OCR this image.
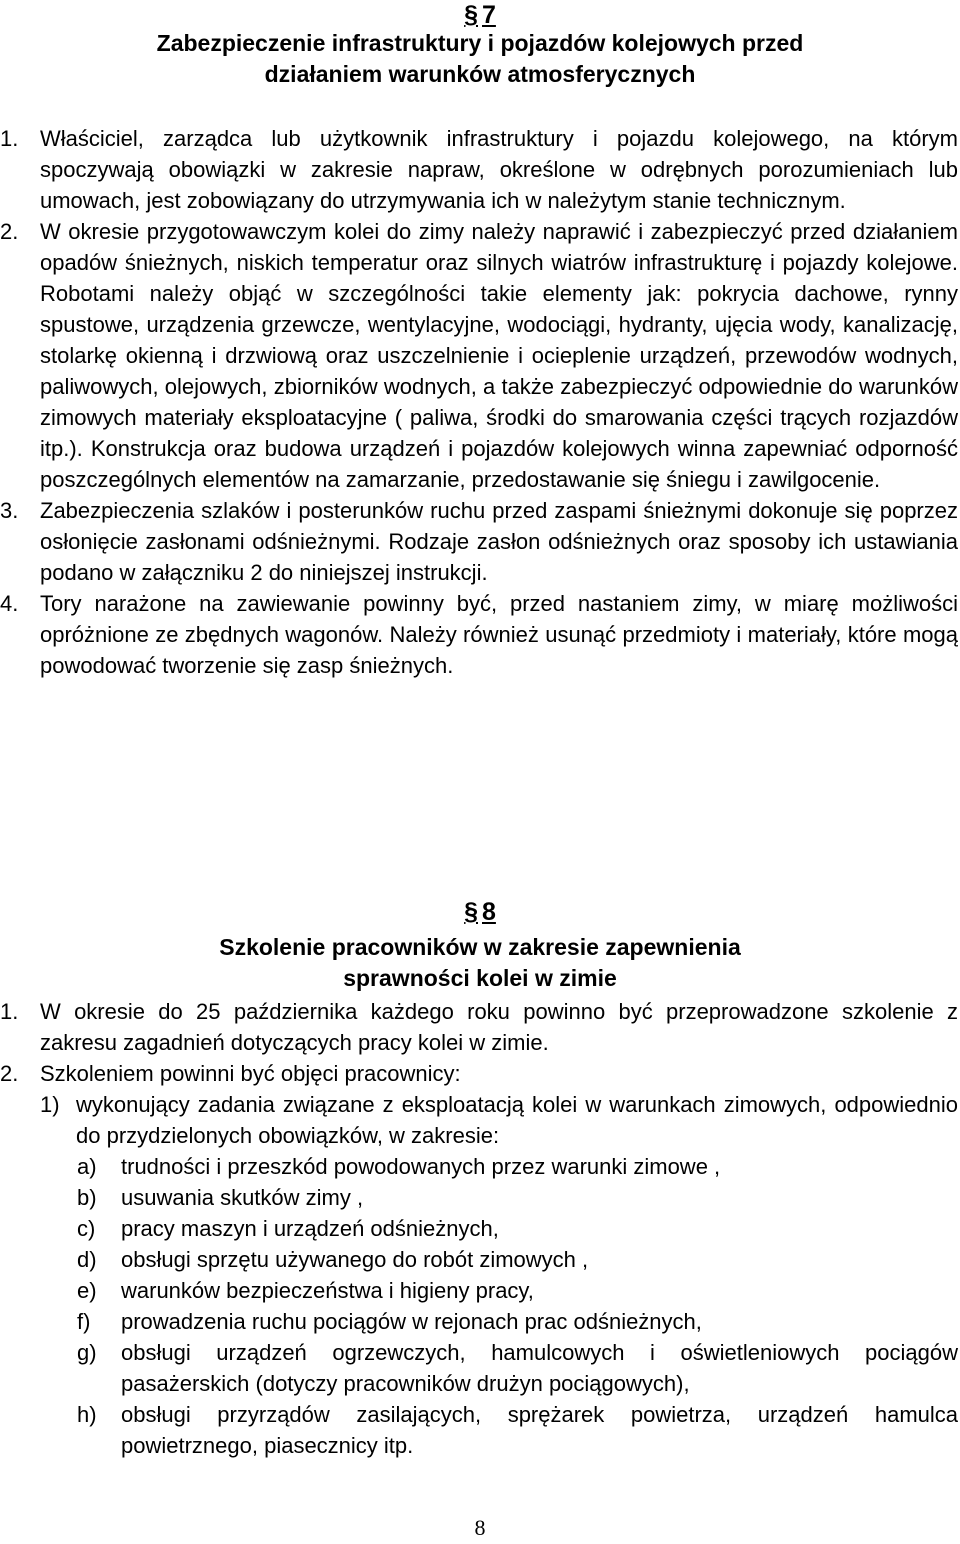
§ 7
Zabezpieczenie infrastruktury i pojazdów kolejowych przed
działaniem warunków atmosferycznych
1. Właściciel, zarządca lub użytkownik infrastruktury i pojazdu kolejowego, na którym spoczywają obowiązki w zakresie napraw, określone w odrębnych porozumieniach lub umowach, jest zobowiązany do utrzymywania ich w należytym stanie technicznym.
2. W okresie przygotowawczym kolei do zimy należy naprawić i zabezpieczyć przed działaniem opadów śnieżnych, niskich temperatur oraz silnych wiatrów infrastrukturę i pojazdy kolejowe. Robotami należy objąć w szczególności takie elementy jak: pokrycia dachowe, rynny spustowe, urządzenia grzewcze, wentylacyjne, wodociągi, hydranty, ujęcia wody, kanalizację, stolarkę okienną i drzwiową oraz uszczelnienie i ocieplenie urządzeń, przewodów wodnych, paliwowych, olejowych, zbiorników wodnych, a także zabezpieczyć odpowiednie do warunków zimowych materiały eksploatacyjne ( paliwa, środki do smarowania części trących rozjazdów itp.). Konstrukcja oraz budowa urządzeń i pojazdów kolejowych winna zapewniać odporność poszczególnych elementów na zamarzanie, przedostawanie się śniegu i zawilgocenie.
3. Zabezpieczenia szlaków i posterunków ruchu przed zaspami śnieżnymi dokonuje się poprzez osłonięcie zasłonami odśnieżnymi. Rodzaje zasłon odśnieżnych oraz sposoby ich ustawiania podano w załączniku 2 do niniejszej instrukcji.
4. Tory narażone na zawiewanie powinny być, przed nastaniem zimy, w miarę możliwości opróżnione ze zbędnych wagonów. Należy również usunąć przedmioty i materiały, które mogą powodować tworzenie się zasp śnieżnych.
§ 8
Szkolenie pracowników w zakresie zapewnienia
sprawności kolei w zimie
1. W okresie do 25 października każdego roku powinno być przeprowadzone szkolenie z zakresu zagadnień dotyczących pracy kolei w zimie.
2. Szkoleniem powinni być objęci pracownicy:
1) wykonujący zadania związane z eksploatacją kolei w warunkach zimowych, odpowiednio do przydzielonych obowiązków, w zakresie:
a) trudności i przeszkód powodowanych przez warunki zimowe ,
b) usuwania skutków zimy ,
c) pracy maszyn i urządzeń odśnieżnych,
d) obsługi sprzętu używanego do robót zimowych ,
e) warunków bezpieczeństwa i higieny pracy,
f) prowadzenia ruchu pociągów w rejonach prac odśnieżnych,
g) obsługi urządzeń ogrzewczych, hamulcowych i oświetleniowych pociągów pasażerskich (dotyczy pracowników drużyn pociągowych),
h) obsługi przyrządów zasilających, sprężarek powietrza, urządzeń hamulca powietrznego, piasecznicy itp.
8
